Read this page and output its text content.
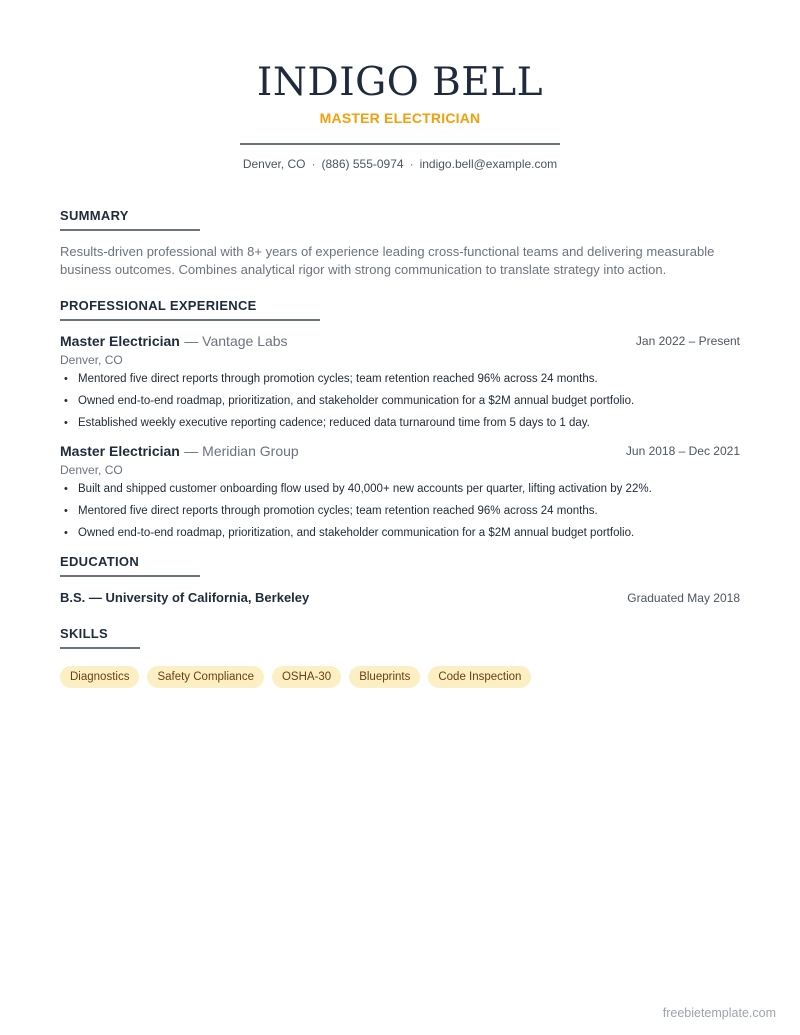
INDIGO BELL
MASTER ELECTRICIAN
Denver, CO · (886) 555-0974 · indigo.bell@example.com
SUMMARY
Results-driven professional with 8+ years of experience leading cross-functional teams and delivering measurable business outcomes. Combines analytical rigor with strong communication to translate strategy into action.
PROFESSIONAL EXPERIENCE
Master Electrician — Vantage Labs	Jan 2022 – Present
Denver, CO
• Mentored five direct reports through promotion cycles; team retention reached 96% across 24 months.
• Owned end-to-end roadmap, prioritization, and stakeholder communication for a $2M annual budget portfolio.
• Established weekly executive reporting cadence; reduced data turnaround time from 5 days to 1 day.
Master Electrician — Meridian Group	Jun 2018 – Dec 2021
Denver, CO
• Built and shipped customer onboarding flow used by 40,000+ new accounts per quarter, lifting activation by 22%.
• Mentored five direct reports through promotion cycles; team retention reached 96% across 24 months.
• Owned end-to-end roadmap, prioritization, and stakeholder communication for a $2M annual budget portfolio.
EDUCATION
B.S. — University of California, Berkeley	Graduated May 2018
SKILLS
Diagnostics	Safety Compliance	OSHA-30	Blueprints	Code Inspection
freebietemplate.com
